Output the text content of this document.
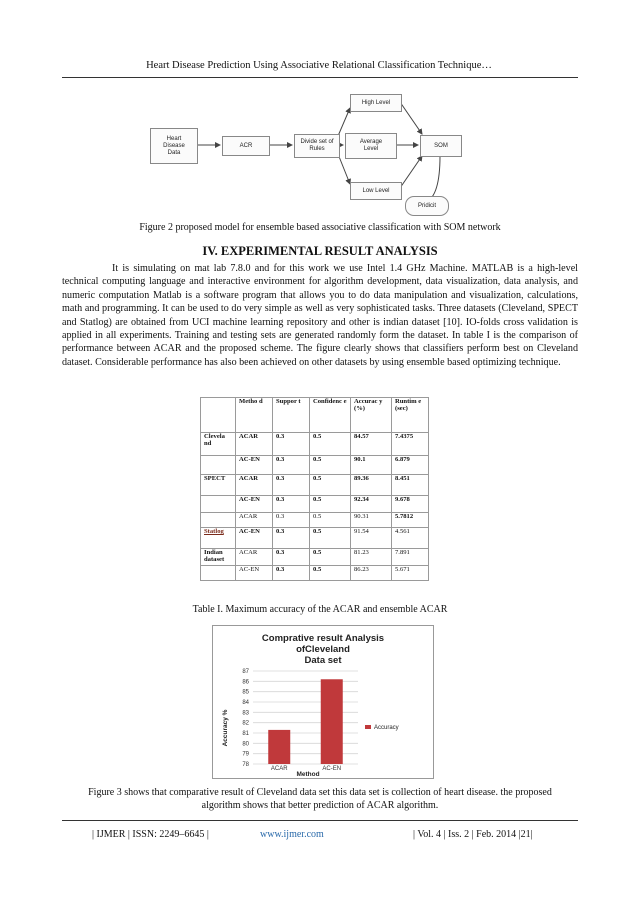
Heart Disease Prediction Using Associative Relational Classification Technique…
Heart
Disease
Data
ACR
Divide set of
Rules
High Level
Average
Level
Low Level
SOM
Pridicit
Figure 2 proposed model for ensemble based associative classification with SOM network
IV. EXPERIMENTAL RESULT ANALYSIS
It is simulating on mat lab 7.8.0 and for this work we use Intel 1.4 GHz Machine. MATLAB is a high-level technical computing language and interactive environment for algorithm development, data visualization, data analysis, and numeric computation Matlab is a software program that allows you to do data manipulation and visualization, calculations, math and programming. It can be used to do very simple as well as very sophisticated tasks. Three datasets (Cleveland, SPECT and Statlog) are obtained from UCI machine learning repository and other is indian dataset [10]. IO-folds cross validation is applied in all experiments. Training and testing sets are generated randomly form the dataset. In table I is the comparison of performance between ACAR and the proposed scheme. The figure clearly shows that classifiers perform best on Cleveland dataset. Considerable performance has also been achieved on other datasets by using ensemble based optimizing technique.
	Metho d	Suppor t	Confidenc e	Accurac y (%)	Runtim e (sec)
Clevela nd	ACAR	0.3	0.5	84.57	7.4375
	AC-EN	0.3	0.5	90.1	6.879
SPECT	ACAR	0.3	0.5	89.36	8.451
	AC-EN	0.3	0.5	92.34	9.678
	ACAR	0.3	0.5	90.31	5.7812
Statlog	AC-EN	0.3	0.5	91.54	4.561
Indian dataset	ACAR	0.3	0.5	81.23	7.891
	AC-EN	0.3	0.5	86.23	5.671
Table I. Maximum accuracy of the ACAR and ensemble ACAR
Comprative result Analysis
ofCleveland
Data set
78
79
80
81
82
83
84
85
86
87
ACAR	AC-EN
Accuracy %
Method
Accuracy
Figure 3 shows that comparative result of Cleveland data set this data set is collection of heart disease. the proposed algorithm shows that better prediction of ACAR algorithm.
| IJMER | ISSN: 2249–6645 |	www.ijmer.com	| Vol. 4 | Iss. 2 | Feb. 2014 |21|
